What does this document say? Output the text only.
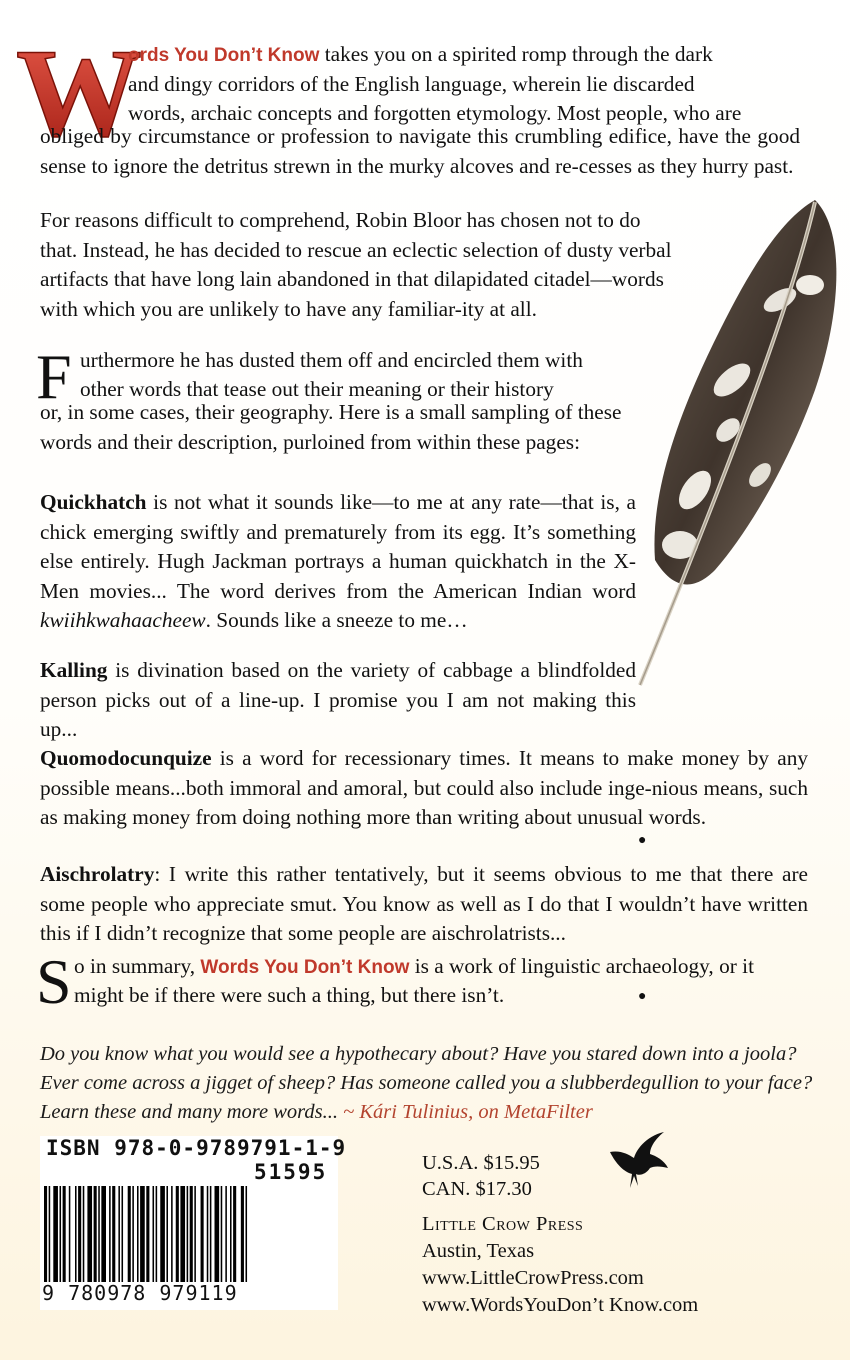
W
ords You Don’t Know takes you on a spirited romp through the dark
and dingy corridors of the English language, wherein lie discarded
words, archaic concepts and forgotten etymology. Most people, who are

obliged by circumstance or profession to navigate this crumbling edifice, have the good sense to ignore the detritus strewn in the murky alcoves and re-cesses as they hurry past.

For reasons difficult to comprehend, Robin Bloor has chosen not to do that. Instead, he has decided to rescue an eclectic selection of dusty verbal artifacts that have long lain abandoned in that dilapidated citadel—words with which you are unlikely to have any familiar-ity at all.

F urthermore he has dusted them off and encircled them with
other words that tease out their meaning or their history

or, in some cases, their geography. Here is a small sampling of these words and their description, purloined from within these pages:

Quickhatch is not what it sounds like—to me at any rate—that is, a chick emerging swiftly and prematurely from its egg. It’s something else entirely. Hugh Jackman portrays a human quickhatch in the X-Men movies... The word derives from the American Indian word kwiihkwahaacheew. Sounds like a sneeze to me…

Kalling is divination based on the variety of cabbage a blindfolded person picks out of a line-up. I promise you I am not making this up...

Quomodocunquize is a word for recessionary times. It means to make money by any possible means...both immoral and amoral, but could also include inge-nious means, such as making money from doing nothing more than writing about unusual words.

●

Aischrolatry: I write this rather tentatively, but it seems obvious to me that there are some people who appreciate smut. You know as well as I do that I wouldn’t have written this if I didn’t recognize that some people are aischrolatrists...

S o in summary, Words You Don’t Know is a work of linguistic archaeology, or it
might be if there were such a thing, but there isn’t.	●

Do you know what you would see a hypothecary about? Have you stared down into a joola? Ever come across a jigget of sheep? Has someone called you a slubberdegullion to your face? Learn these and many more words... ~ Kári Tulinius, on MetaFilter

ISBN 978-0-9789791-1-9
51595
9 780978 979119
U.S.A. $15.95
CAN. $17.30
Little Crow Press
Austin, Texas
www.LittleCrowPress.com
www.WordsYouDon’t Know.com
